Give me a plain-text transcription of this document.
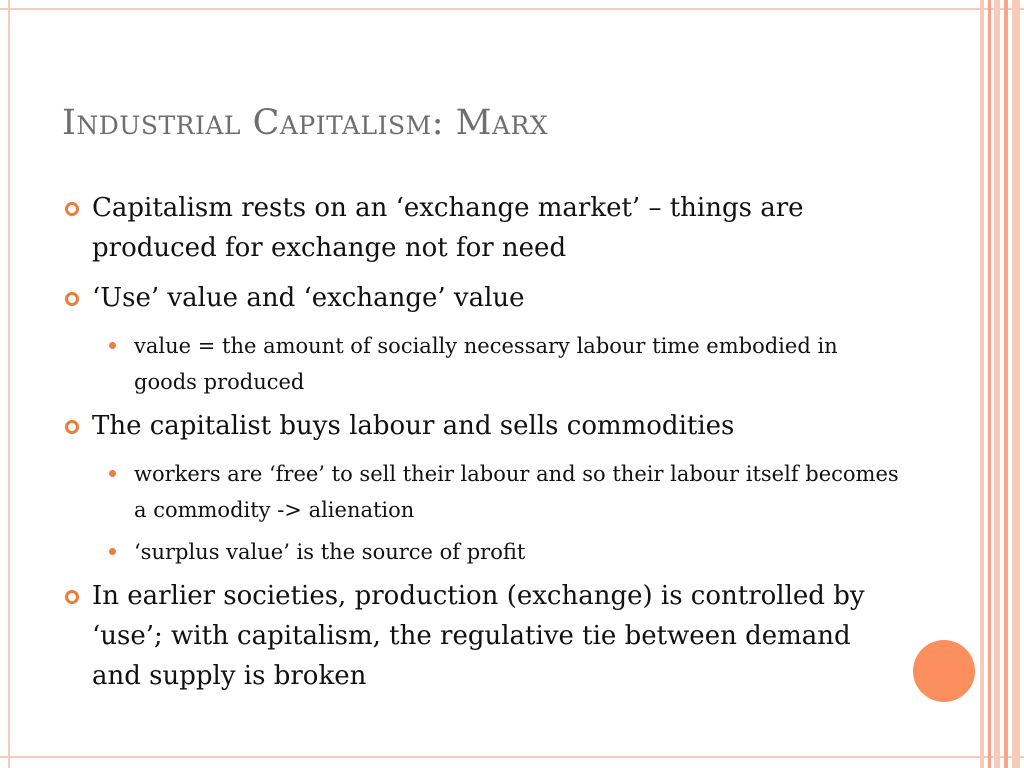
Industrial Capitalism: Marx
Capitalism rests on an ‘exchange market’ – things are produced for exchange not for need
‘Use’ value and ‘exchange’ value
value = the amount of socially necessary labour time embodied in goods produced
The capitalist buys labour and sells commodities
workers are ‘free’ to sell their labour and so their labour itself becomes a commodity -> alienation
‘surplus value’ is the source of profit
In earlier societies, production (exchange) is controlled by ‘use’; with capitalism, the regulative tie between demand and supply is broken
